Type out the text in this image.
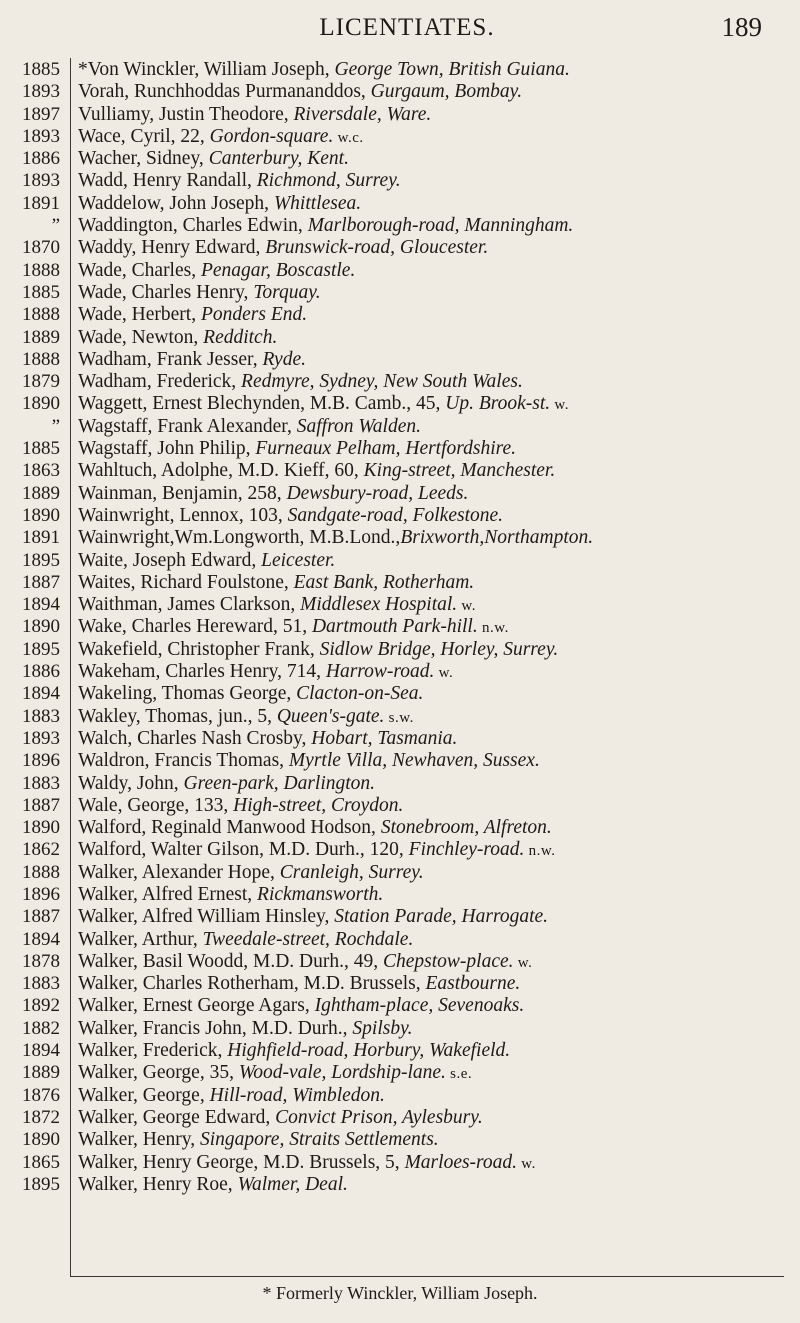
LICENTIATES.	189
1885
1893
1897
1893
1886
1893
1891
”
1870
1888
1885
1888
1889
1888
1879
1890
”
1885
1863
1889
1890
1891
1895
1887
1894
1890
1895
1886
1894
1883
1893
1896
1883
1887
1890
1862
1888
1896
1887
1894
1878
1883
1892
1882
1894
1889
1876
1872
1890
1865
1895
*Von Winckler, William Joseph, George Town, British Guiana.
Vorah, Runchhoddas Purmananddos, Gurgaum, Bombay.
Vulliamy, Justin Theodore, Riversdale, Ware.
Wace, Cyril, 22, Gordon-square. w.c.
Wacher, Sidney, Canterbury, Kent.
Wadd, Henry Randall, Richmond, Surrey.
Waddelow, John Joseph, Whittlesea.
Waddington, Charles Edwin, Marlborough-road, Manningham.
Waddy, Henry Edward, Brunswick-road, Gloucester.
Wade, Charles, Penagar, Boscastle.
Wade, Charles Henry, Torquay.
Wade, Herbert, Ponders End.
Wade, Newton, Redditch.
Wadham, Frank Jesser, Ryde.
Wadham, Frederick, Redmyre, Sydney, New South Wales.
Waggett, Ernest Blechynden, M.B. Camb., 45, Up. Brook-st. w.
Wagstaff, Frank Alexander, Saffron Walden.
Wagstaff, John Philip, Furneaux Pelham, Hertfordshire.
Wahltuch, Adolphe, M.D. Kieff, 60, King-street, Manchester.
Wainman, Benjamin, 258, Dewsbury-road, Leeds.
Wainwright, Lennox, 103, Sandgate-road, Folkestone.
Wainwright,Wm.Longworth, M.B.Lond.,Brixworth,Northampton.
Waite, Joseph Edward, Leicester.
Waites, Richard Foulstone, East Bank, Rotherham.
Waithman, James Clarkson, Middlesex Hospital. w.
Wake, Charles Hereward, 51, Dartmouth Park-hill. n.w.
Wakefield, Christopher Frank, Sidlow Bridge, Horley, Surrey.
Wakeham, Charles Henry, 714, Harrow-road. w.
Wakeling, Thomas George, Clacton-on-Sea.
Wakley, Thomas, jun., 5, Queen's-gate. s.w.
Walch, Charles Nash Crosby, Hobart, Tasmania.
Waldron, Francis Thomas, Myrtle Villa, Newhaven, Sussex.
Waldy, John, Green-park, Darlington.
Wale, George, 133, High-street, Croydon.
Walford, Reginald Manwood Hodson, Stonebroom, Alfreton.
Walford, Walter Gilson, M.D. Durh., 120, Finchley-road. n.w.
Walker, Alexander Hope, Cranleigh, Surrey.
Walker, Alfred Ernest, Rickmansworth.
Walker, Alfred William Hinsley, Station Parade, Harrogate.
Walker, Arthur, Tweedale-street, Rochdale.
Walker, Basil Woodd, M.D. Durh., 49, Chepstow-place. w.
Walker, Charles Rotherham, M.D. Brussels, Eastbourne.
Walker, Ernest George Agars, Ightham-place, Sevenoaks.
Walker, Francis John, M.D. Durh., Spilsby.
Walker, Frederick, Highfield-road, Horbury, Wakefield.
Walker, George, 35, Wood-vale, Lordship-lane. s.e.
Walker, George, Hill-road, Wimbledon.
Walker, George Edward, Convict Prison, Aylesbury.
Walker, Henry, Singapore, Straits Settlements.
Walker, Henry George, M.D. Brussels, 5, Marloes-road. w.
Walker, Henry Roe, Walmer, Deal.
* Formerly Winckler, William Joseph.
